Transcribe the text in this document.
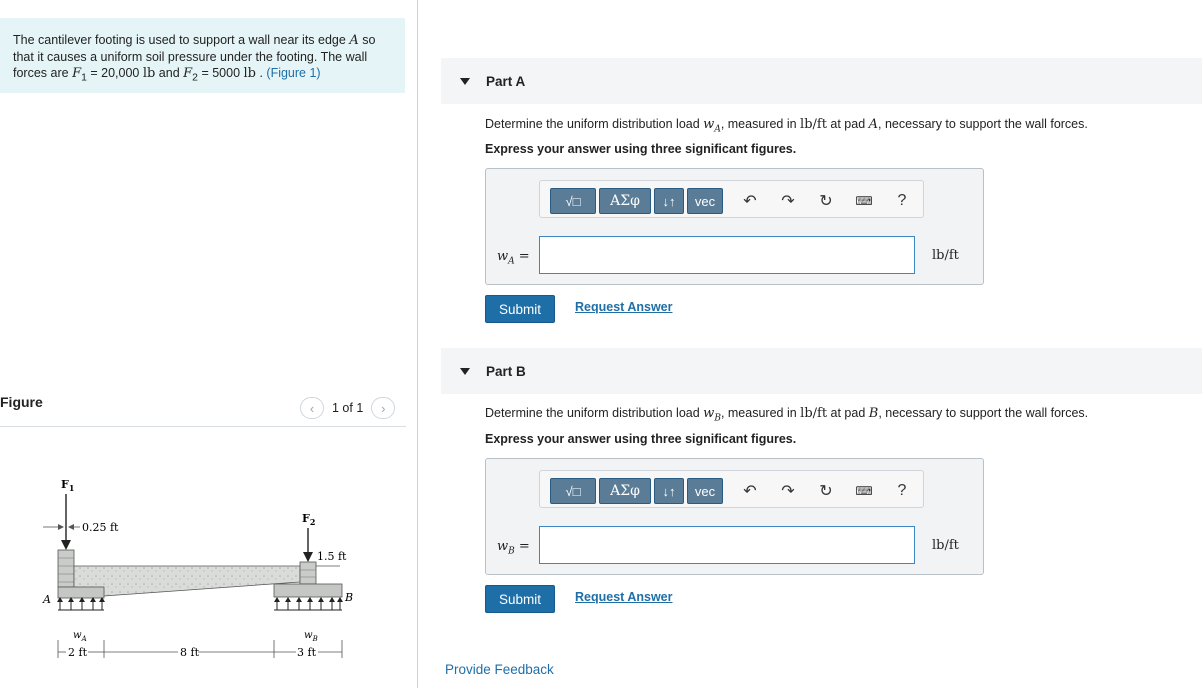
The cantilever footing is used to support a wall near its edge A so that it causes a uniform soil pressure under the footing. The wall forces are $F_1 = 20,000$ lb and $F_2 = 5000$ lb . (Figure 1)
Figure	‹ 1 of 1 ›
$F_1$
0.25 ft
A
$w_A$
$F_2$
1.5 ft
B
$w_B$
2 ft	8 ft	3 ft
Part A
Determine the uniform distribution load $w_A$, measured in lb/ft at pad A, necessary to support the wall forces.
Express your answer using three significant figures.
√□ ΑΣφ ↓↑ vec	↶	↷	↻	⌨ ?
$w_A$ =	lb/ft
Submit	Request Answer
Part B
Determine the uniform distribution load $w_B$, measured in lb/ft at pad B, necessary to support the wall forces.
Express your answer using three significant figures.
√□ ΑΣφ ↓↑ vec	↶	↷	↻	⌨ ?
$w_B$ =	lb/ft
Submit	Request Answer
Provide Feedback
